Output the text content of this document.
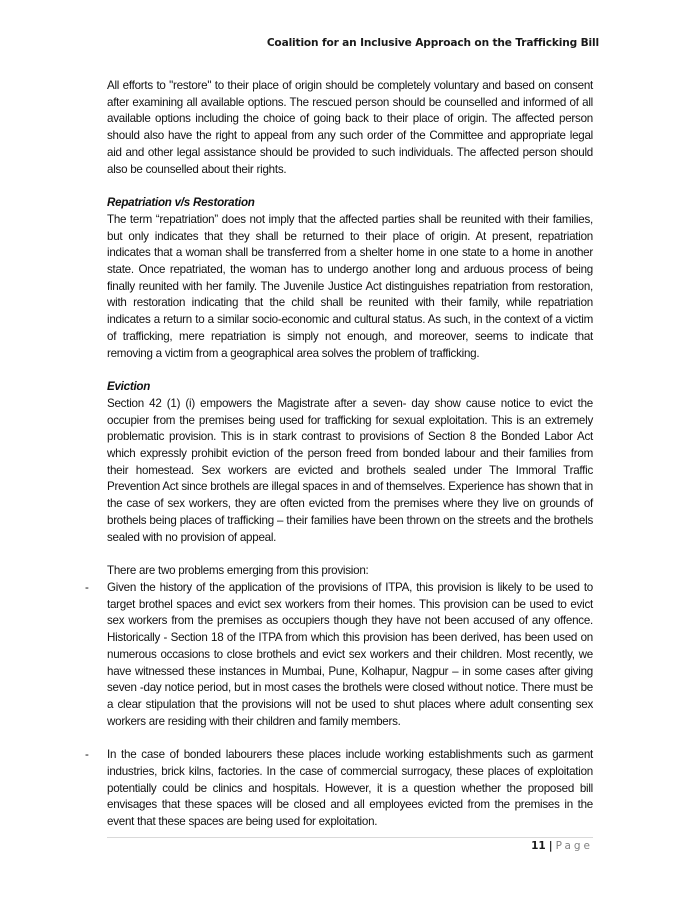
Coalition for an Inclusive Approach on the Trafficking Bill

All efforts to "restore" to their place of origin should be completely voluntary and based on consent after examining all available options. The rescued person should be counselled and informed of all available options including the choice of going back to their place of origin. The affected person should also have the right to appeal from any such order of the Committee and appropriate legal aid and other legal assistance should be provided to such individuals. The affected person should also be counselled about their rights.

Repatriation v/s Restoration

The term “repatriation” does not imply that the affected parties shall be reunited with their families, but only indicates that they shall be returned to their place of origin. At present, repatriation indicates that a woman shall be transferred from a shelter home in one state to a home in another state. Once repatriated, the woman has to undergo another long and arduous process of being finally reunited with her family. The Juvenile Justice Act distinguishes repatriation from restoration, with restoration indicating that the child shall be reunited with their family, while repatriation indicates a return to a similar socio-economic and cultural status. As such, in the context of a victim of trafficking, mere repatriation is simply not enough, and moreover, seems to indicate that removing a victim from a geographical area solves the problem of trafficking.

Eviction

Section 42 (1) (i) empowers the Magistrate after a seven- day show cause notice to evict the occupier from the premises being used for trafficking for sexual exploitation. This is an extremely problematic provision. This is in stark contrast to provisions of Section 8 the Bonded Labor Act which expressly prohibit eviction of the person freed from bonded labour and their families from their homestead. Sex workers are evicted and brothels sealed under The Immoral Traffic Prevention Act since brothels are illegal spaces in and of themselves. Experience has shown that in the case of sex workers, they are often evicted from the premises where they live on grounds of brothels being places of trafficking – their families have been thrown on the streets and the brothels sealed with no provision of appeal.

There are two problems emerging from this provision:

- Given the history of the application of the provisions of ITPA, this provision is likely to be used to target brothel spaces and evict sex workers from their homes. This provision can be used to evict sex workers from the premises as occupiers though they have not been accused of any offence. Historically - Section 18 of the ITPA from which this provision has been derived, has been used on numerous occasions to close brothels and evict sex workers and their children. Most recently, we have witnessed these instances in Mumbai, Pune, Kolhapur, Nagpur – in some cases after giving seven -day notice period, but in most cases the brothels were closed without notice. There must be a clear stipulation that the provisions will not be used to shut places where adult consenting sex workers are residing with their children and family members.
- In the case of bonded labourers these places include working establishments such as garment industries, brick kilns, factories. In the case of commercial surrogacy, these places of exploitation potentially could be clinics and hospitals. However, it is a question whether the proposed bill envisages that these spaces will be closed and all employees evicted from the premises in the event that these spaces are being used for exploitation.
11 | Page
